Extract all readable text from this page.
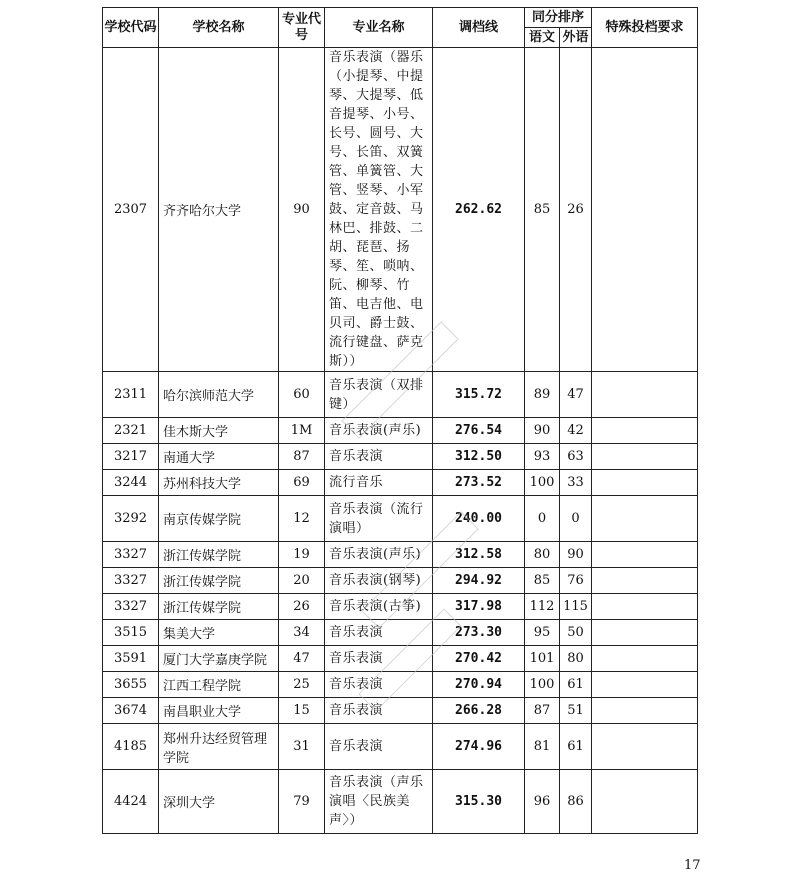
学校代码	学校名称	专业代号	专业名称	调档线	同分排序		特殊投档要求
					语文	外语	
2307	齐齐哈尔大学	90	音乐表演（器乐（小提琴、中提琴、大提琴、低音提琴、小号、长号、圆号、大号、长笛、双簧管、单簧管、大管、竖琴、小军鼓、定音鼓、马林巴、排鼓、二胡、琵琶、扬琴、笙、唢呐、阮、柳琴、竹笛、电吉他、电贝司、爵士鼓、流行键盘、萨克斯））	262.62	85	26	
2311	哈尔滨师范大学	60	音乐表演（双排键）	315.72	89	47	
2321	佳木斯大学	1M	音乐表演(声乐)	276.54	90	42	
3217	南通大学	87	音乐表演	312.50	93	63	
3244	苏州科技大学	69	流行音乐	273.52	100	33	
3292	南京传媒学院	12	音乐表演（流行演唱）	240.00	0	0	
3327	浙江传媒学院	19	音乐表演(声乐)	312.58	80	90	
3327	浙江传媒学院	20	音乐表演(钢琴)	294.92	85	76	
3327	浙江传媒学院	26	音乐表演(古筝)	317.98	112	115	
3515	集美大学	34	音乐表演	273.30	95	50	
3591	厦门大学嘉庚学院	47	音乐表演	270.42	101	80	
3655	江西工程学院	25	音乐表演	270.94	100	61	
3674	南昌职业大学	15	音乐表演	266.28	87	51	
4185	郑州升达经贸管理学院	31	音乐表演	274.96	81	61	
4424	深圳大学	79	音乐表演（声乐演唱〈民族美声〉）	315.30	96	86	
17
